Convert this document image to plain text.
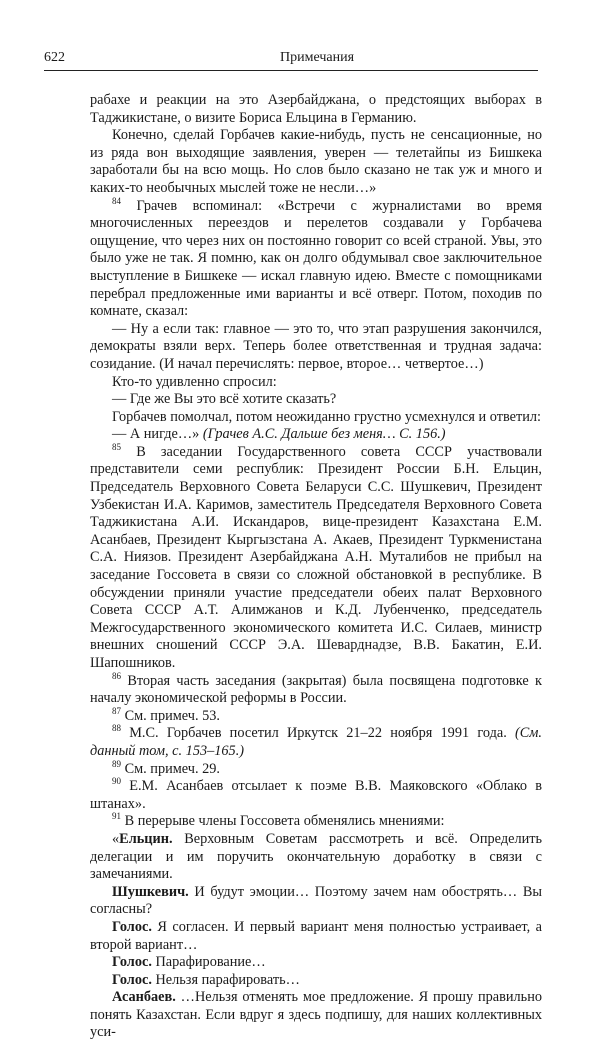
622	Примечания

рабахе и реакции на это Азербайджана, о предстоящих выборах в Таджикистане, о визите Бориса Ельцина в Германию.

Конечно, сделай Горбачев какие-нибудь, пусть не сенсационные, но из ряда вон выходящие заявления, уверен — телетайпы из Бишкека заработали бы на всю мощь. Но слов было сказано не так уж и много и каких-то необычных мыслей тоже не несли…»

$^{84}$ Грачев вспоминал: «Встречи с журналистами во время многочисленных переездов и перелетов создавали у Горбачева ощущение, что через них он постоянно говорит со всей страной. Увы, это было уже не так. Я помню, как он долго обдумывал свое заключительное выступление в Бишкеке — искал главную идею. Вместе с помощниками перебрал предложенные ими варианты и всё отверг. Потом, походив по комнате, сказал:

— Ну а если так: главное — это то, что этап разрушения закончился, демократы взяли верх. Теперь более ответственная и трудная задача: созидание. (И начал перечислять: первое, второе… четвертое…)

Кто-то удивленно спросил:

— Где же Вы это всё хотите сказать?

Горбачев помолчал, потом неожиданно грустно усмехнулся и ответил:

— А нигде…» (Грачев А.С. Дальше без меня… С. 156.)

$^{85}$ В заседании Государственного совета СССР участвовали представители семи республик: Президент России Б.Н. Ельцин, Председатель Верховного Совета Беларуси С.С. Шушкевич, Президент Узбекистан И.А. Каримов, заместитель Председателя Верховного Совета Таджикистана А.И. Искандаров, вице-президент Казахстана Е.М. Асанбаев, Президент Кыргызстана А. Акаев, Президент Туркменистана С.А. Ниязов. Президент Азербайджана А.Н. Муталибов не прибыл на заседание Госсовета в связи со сложной обстановкой в республике. В обсуждении приняли участие председатели обеих палат Верховного Совета СССР А.Т. Алимжанов и К.Д. Лубенченко, председатель Межгосударственного экономического комитета И.С. Силаев, министр внешних сношений СССР Э.А. Шеварднадзе, В.В. Бакатин, Е.И. Шапошников.

$^{86}$ Вторая часть заседания (закрытая) была посвящена подготовке к началу экономической реформы в России.

$^{87}$ См. примеч. 53.

$^{88}$ М.С. Горбачев посетил Иркутск 21–22 ноября 1991 года. (См. данный том, с. 153–165.)

$^{89}$ См. примеч. 29.

$^{90}$ Е.М. Асанбаев отсылает к поэме В.В. Маяковского «Облако в штанах».

$^{91}$ В перерыве члены Госсовета обменялись мнениями:

«Ельцин. Верховным Советам рассмотреть и всё. Определить делегации и им поручить окончательную доработку в связи с замечаниями.

Шушкевич. И будут эмоции… Поэтому зачем нам обострять… Вы согласны?

Голос. Я согласен. И первый вариант меня полностью устраивает, а второй вариант…

Голос. Парафирование…

Голос. Нельзя парафировать…

Асанбаев. …Нельзя отменять мое предложение. Я прошу правильно понять Казахстан. Если вдруг я здесь подпишу, для наших коллективных уси-
